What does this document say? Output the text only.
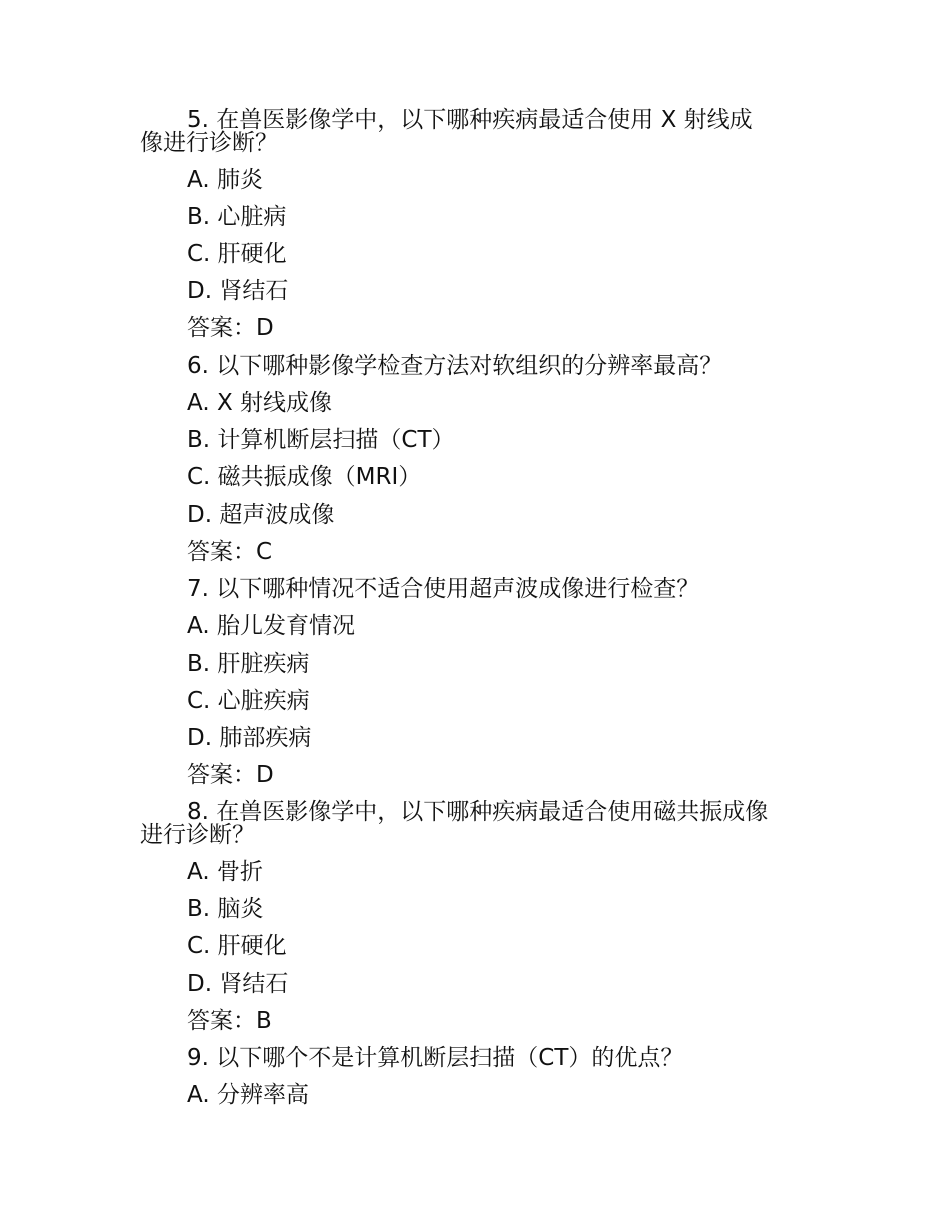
5. 在兽医影像学中，以下哪种疾病最适合使用 X 射线成
像进行诊断？
A. 肺炎
B. 心脏病
C. 肝硬化
D. 肾结石
答案：D
6. 以下哪种影像学检查方法对软组织的分辨率最高？
A. X 射线成像
B. 计算机断层扫描（CT）
C. 磁共振成像（MRI）
D. 超声波成像
答案：C
7. 以下哪种情况不适合使用超声波成像进行检查？
A. 胎儿发育情况
B. 肝脏疾病
C. 心脏疾病
D. 肺部疾病
答案：D
8. 在兽医影像学中，以下哪种疾病最适合使用磁共振成像
进行诊断？
A. 骨折
B. 脑炎
C. 肝硬化
D. 肾结石
答案：B
9. 以下哪个不是计算机断层扫描（CT）的优点？
A. 分辨率高
